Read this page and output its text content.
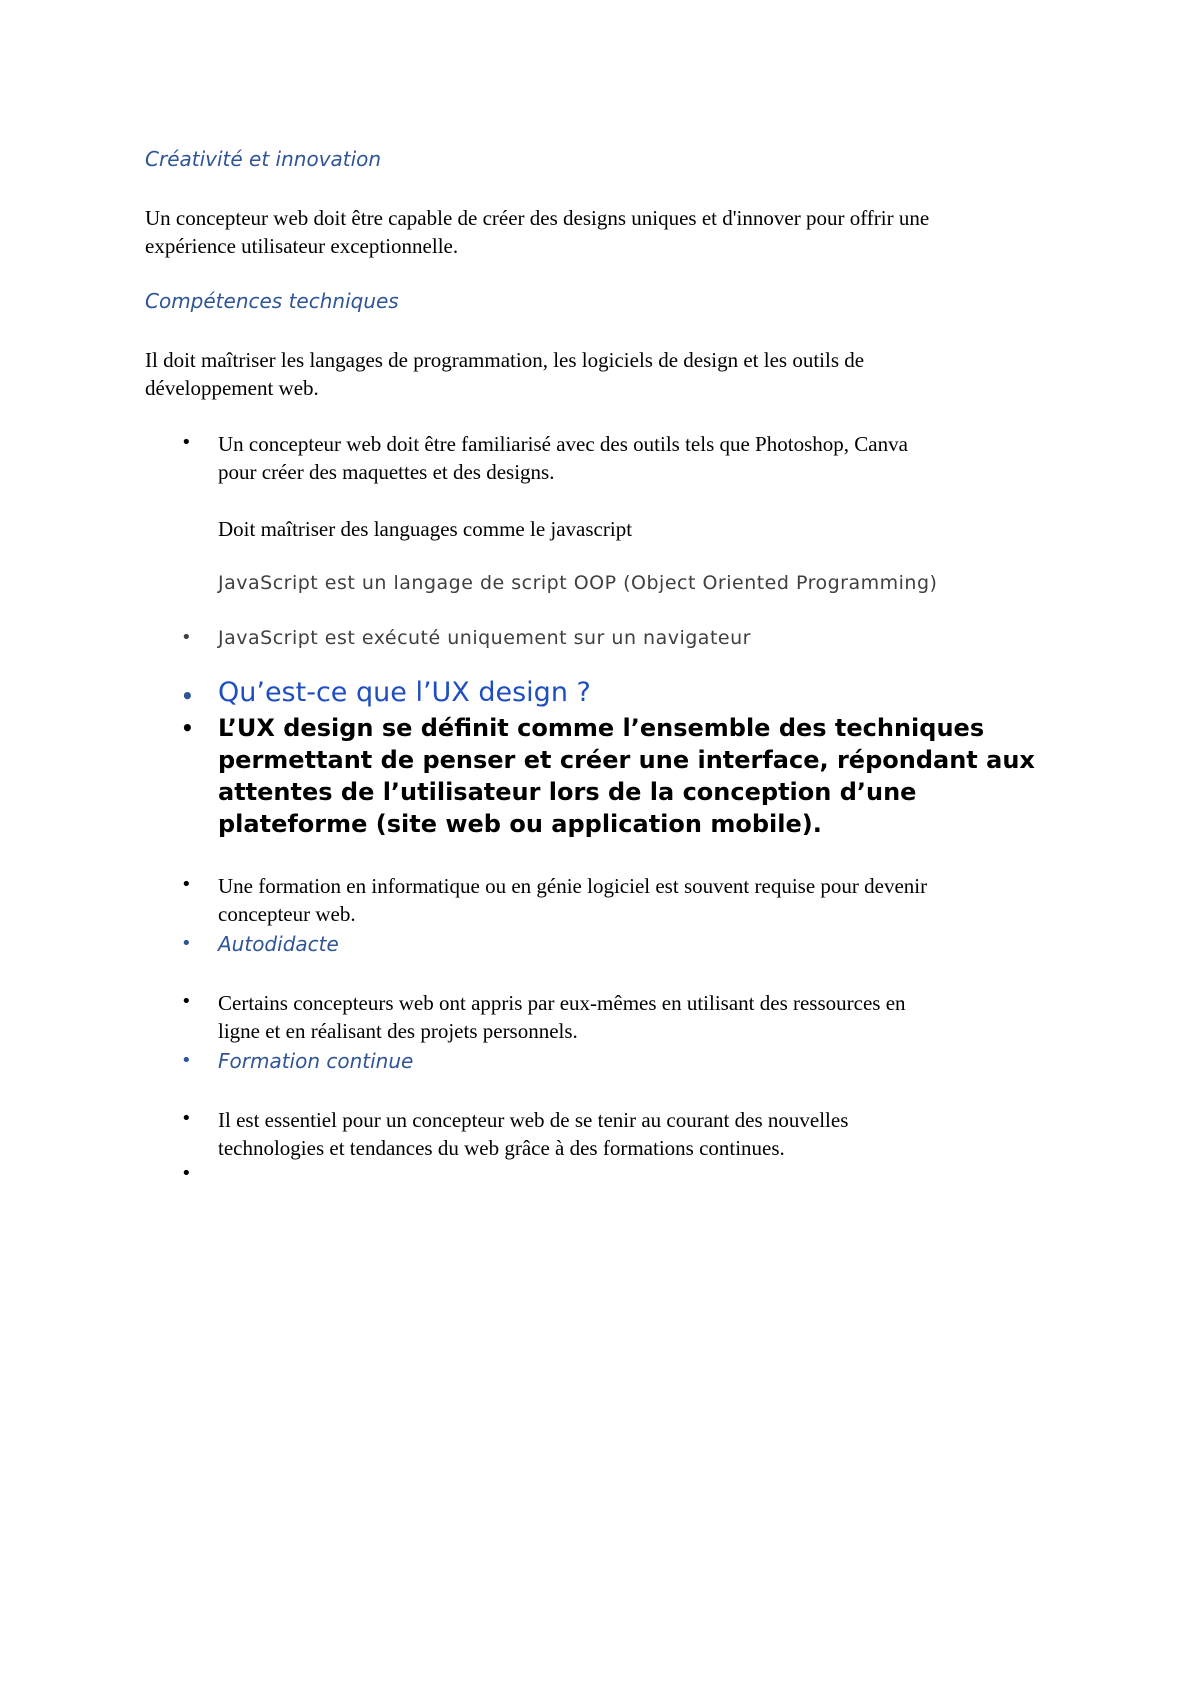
Créativité et innovation
Un concepteur web doit être capable de créer des designs uniques et d'innover pour offrir une
expérience utilisateur exceptionnelle.
Compétences techniques
Il doit maîtriser les langages de programmation, les logiciels de design et les outils de
développement web.
• Un concepteur web doit être familiarisé avec des outils tels que Photoshop, Canva
pour créer des maquettes et des designs.
Doit maîtriser des languages comme le javascript
JavaScript est un langage de script OOP (Object Oriented Programming)
• JavaScript est exécuté uniquement sur un navigateur
• Qu’est-ce que l’UX design ?
• L’UX design se définit comme l’ensemble des techniques
permettant de penser et créer une interface, répondant aux
attentes de l’utilisateur lors de la conception d’une
plateforme (site web ou application mobile).
• Une formation en informatique ou en génie logiciel est souvent requise pour devenir
concepteur web.
• Autodidacte
• Certains concepteurs web ont appris par eux-mêmes en utilisant des ressources en
ligne et en réalisant des projets personnels.
• Formation continue
• Il est essentiel pour un concepteur web de se tenir au courant des nouvelles
technologies et tendances du web grâce à des formations continues.
•
